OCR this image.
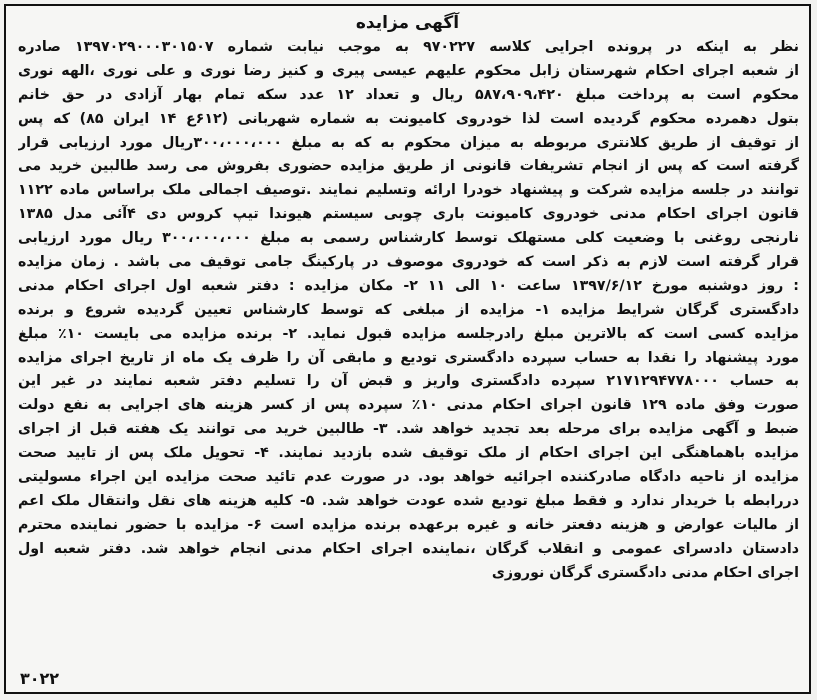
آگهی مزایده
نظر به اینکه در پرونده اجرایی کلاسه ۹۷۰۲۲۷ به موجب نیابت شماره ۱۳۹۷۰۲۹۰۰۰۳۰۱۵۰۷ صادره
از شعبه اجرای احکام شهرستان زابل محکوم علیهم عیسی پیری و کنیز رضا نوری و علی نوری ،الهه نوری
محکوم است به پرداخت مبلغ ۵۸۷،۹۰۹،۴۲۰ ریال و تعداد ۱۲ عدد سکه تمام بهار آزادی در حق خانم
بتول دهمرده محکوم گردیده است لذا خودروی کامیونت به شماره شهربانی (۶۱۲ع ۱۴ ایران ۸۵) که پس
از توقیف از طریق کلانتری مربوطه به میزان محکوم به که به مبلغ ۳۰۰،۰۰۰،۰۰۰ریال مورد ارزیابی قرار
گرفته است که پس از انجام تشریفات قانونی از طریق مزایده حضوری بفروش می رسد طالبین خرید می
توانند در جلسه مزایده شرکت و پیشنهاد خودرا ارائه وتسلیم نمایند .توصیف اجمالی ملک براساس ماده ۱۱۲۲
قانون اجرای احکام مدنی خودروی کامیونت باری چوبی سیستم هیوندا تیپ کروس دی ۴آئی مدل ۱۳۸۵
نارنجی روغنی با وضعیت کلی مستهلک توسط کارشناس رسمی به مبلغ ۳۰۰،۰۰۰،۰۰۰ ریال مورد ارزیابی
قرار گرفته است لازم به ذکر است که خودروی موصوف در پارکینگ جامی توقیف می باشد . زمان مزایده
: روز دوشنبه مورخ ۱۳۹۷/۶/۱۲ ساعت ۱۰ الی ۱۱ ۲- مکان مزایده : دفتر شعبه اول اجرای احکام مدنی
دادگستری گرگان شرایط مزایده ۱- مزایده از مبلغی که توسط کارشناس تعیین گردیده شروع و برنده
مزایده کسی است که بالاترین مبلغ رادرجلسه مزایده قبول نماید. ۲- برنده مزایده می بایست ۱۰٪ مبلغ
مورد پیشنهاد را نقدا به حساب سپرده دادگستری تودیع و مابقی آن را ظرف یک ماه از تاریخ اجرای مزایده
به حساب ۲۱۷۱۲۹۴۷۷۸۰۰۰ سپرده دادگستری واریز و قبض آن را تسلیم دفتر شعبه نمایند در غیر این
صورت وفق ماده ۱۲۹ قانون اجرای احکام مدنی ۱۰٪ سپرده پس از کسر هزینه های اجرایی به نفع دولت
ضبط و آگهی مزایده برای مرحله بعد تجدید خواهد شد. ۳- طالبین خرید می توانند یک هفته قبل از اجرای
مزایده باهماهنگی این اجرای احکام از ملک توقیف شده بازدید نمایند. ۴- تحویل ملک پس از تایید صحت
مزایده از ناحیه دادگاه صادرکننده اجرائیه خواهد بود. در صورت عدم تائید صحت مزایده این اجراء مسولیتی
دررابطه با خریدار ندارد و فقط مبلغ تودیع شده عودت خواهد شد. ۵- کلیه هزینه های نقل وانتقال ملک اعم
از مالیات عوارض و هزینه دفعتر خانه و غیره برعهده برنده مزایده است ۶- مزایده با حضور نماینده محترم
دادستان دادسرای عمومی و انقلاب گرگان ،نماینده اجرای احکام مدنی انجام خواهد شد. دفتر شعبه اول
اجرای احکام مدنی دادگستری گرگان نوروزی
۳۰۲۲
